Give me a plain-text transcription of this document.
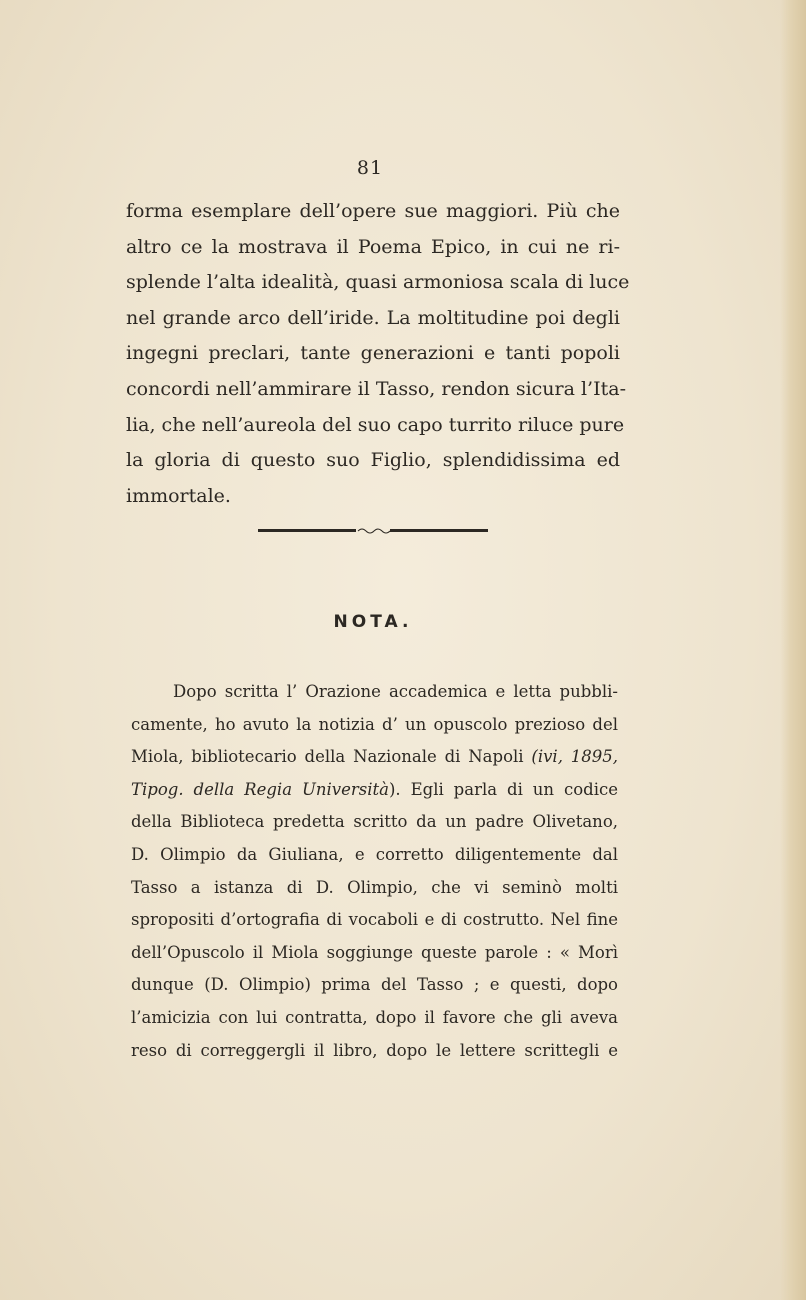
81
forma esemplare dell’opere sue maggiori. Più che
altro ce la mostrava il Poema Epico, in cui ne ri-
splende l’alta idealità, quasi armoniosa scala di luce
nel grande arco dell’iride. La moltitudine poi degli
ingegni preclari, tante generazioni e tanti popoli
concordi nell’ammirare il Tasso, rendon sicura l’Ita-
lia, che nell’aureola del suo capo turrito riluce pure
la gloria di questo suo Figlio, splendidissima ed
immortale.
NOTA.
Dopo scritta l’ Orazione accademica e letta pubbli-
camente, ho avuto la notizia d’ un opuscolo prezioso del
Miola, bibliotecario della Nazionale di Napoli (ivi, 1895,
Tipog. della Regia Università). Egli parla di un codice
della Biblioteca predetta scritto da un padre Olivetano,
D. Olimpio da Giuliana, e corretto diligentemente dal
Tasso a istanza di D. Olimpio, che vi seminò molti
spropositi d’ortografia di vocaboli e di costrutto. Nel fine
dell’Opuscolo il Miola soggiunge queste parole : « Morì
dunque (D. Olimpio) prima del Tasso ; e questi, dopo
l’amicizia con lui contratta, dopo il favore che gli aveva
reso di correggergli il libro, dopo le lettere scrittegli e
